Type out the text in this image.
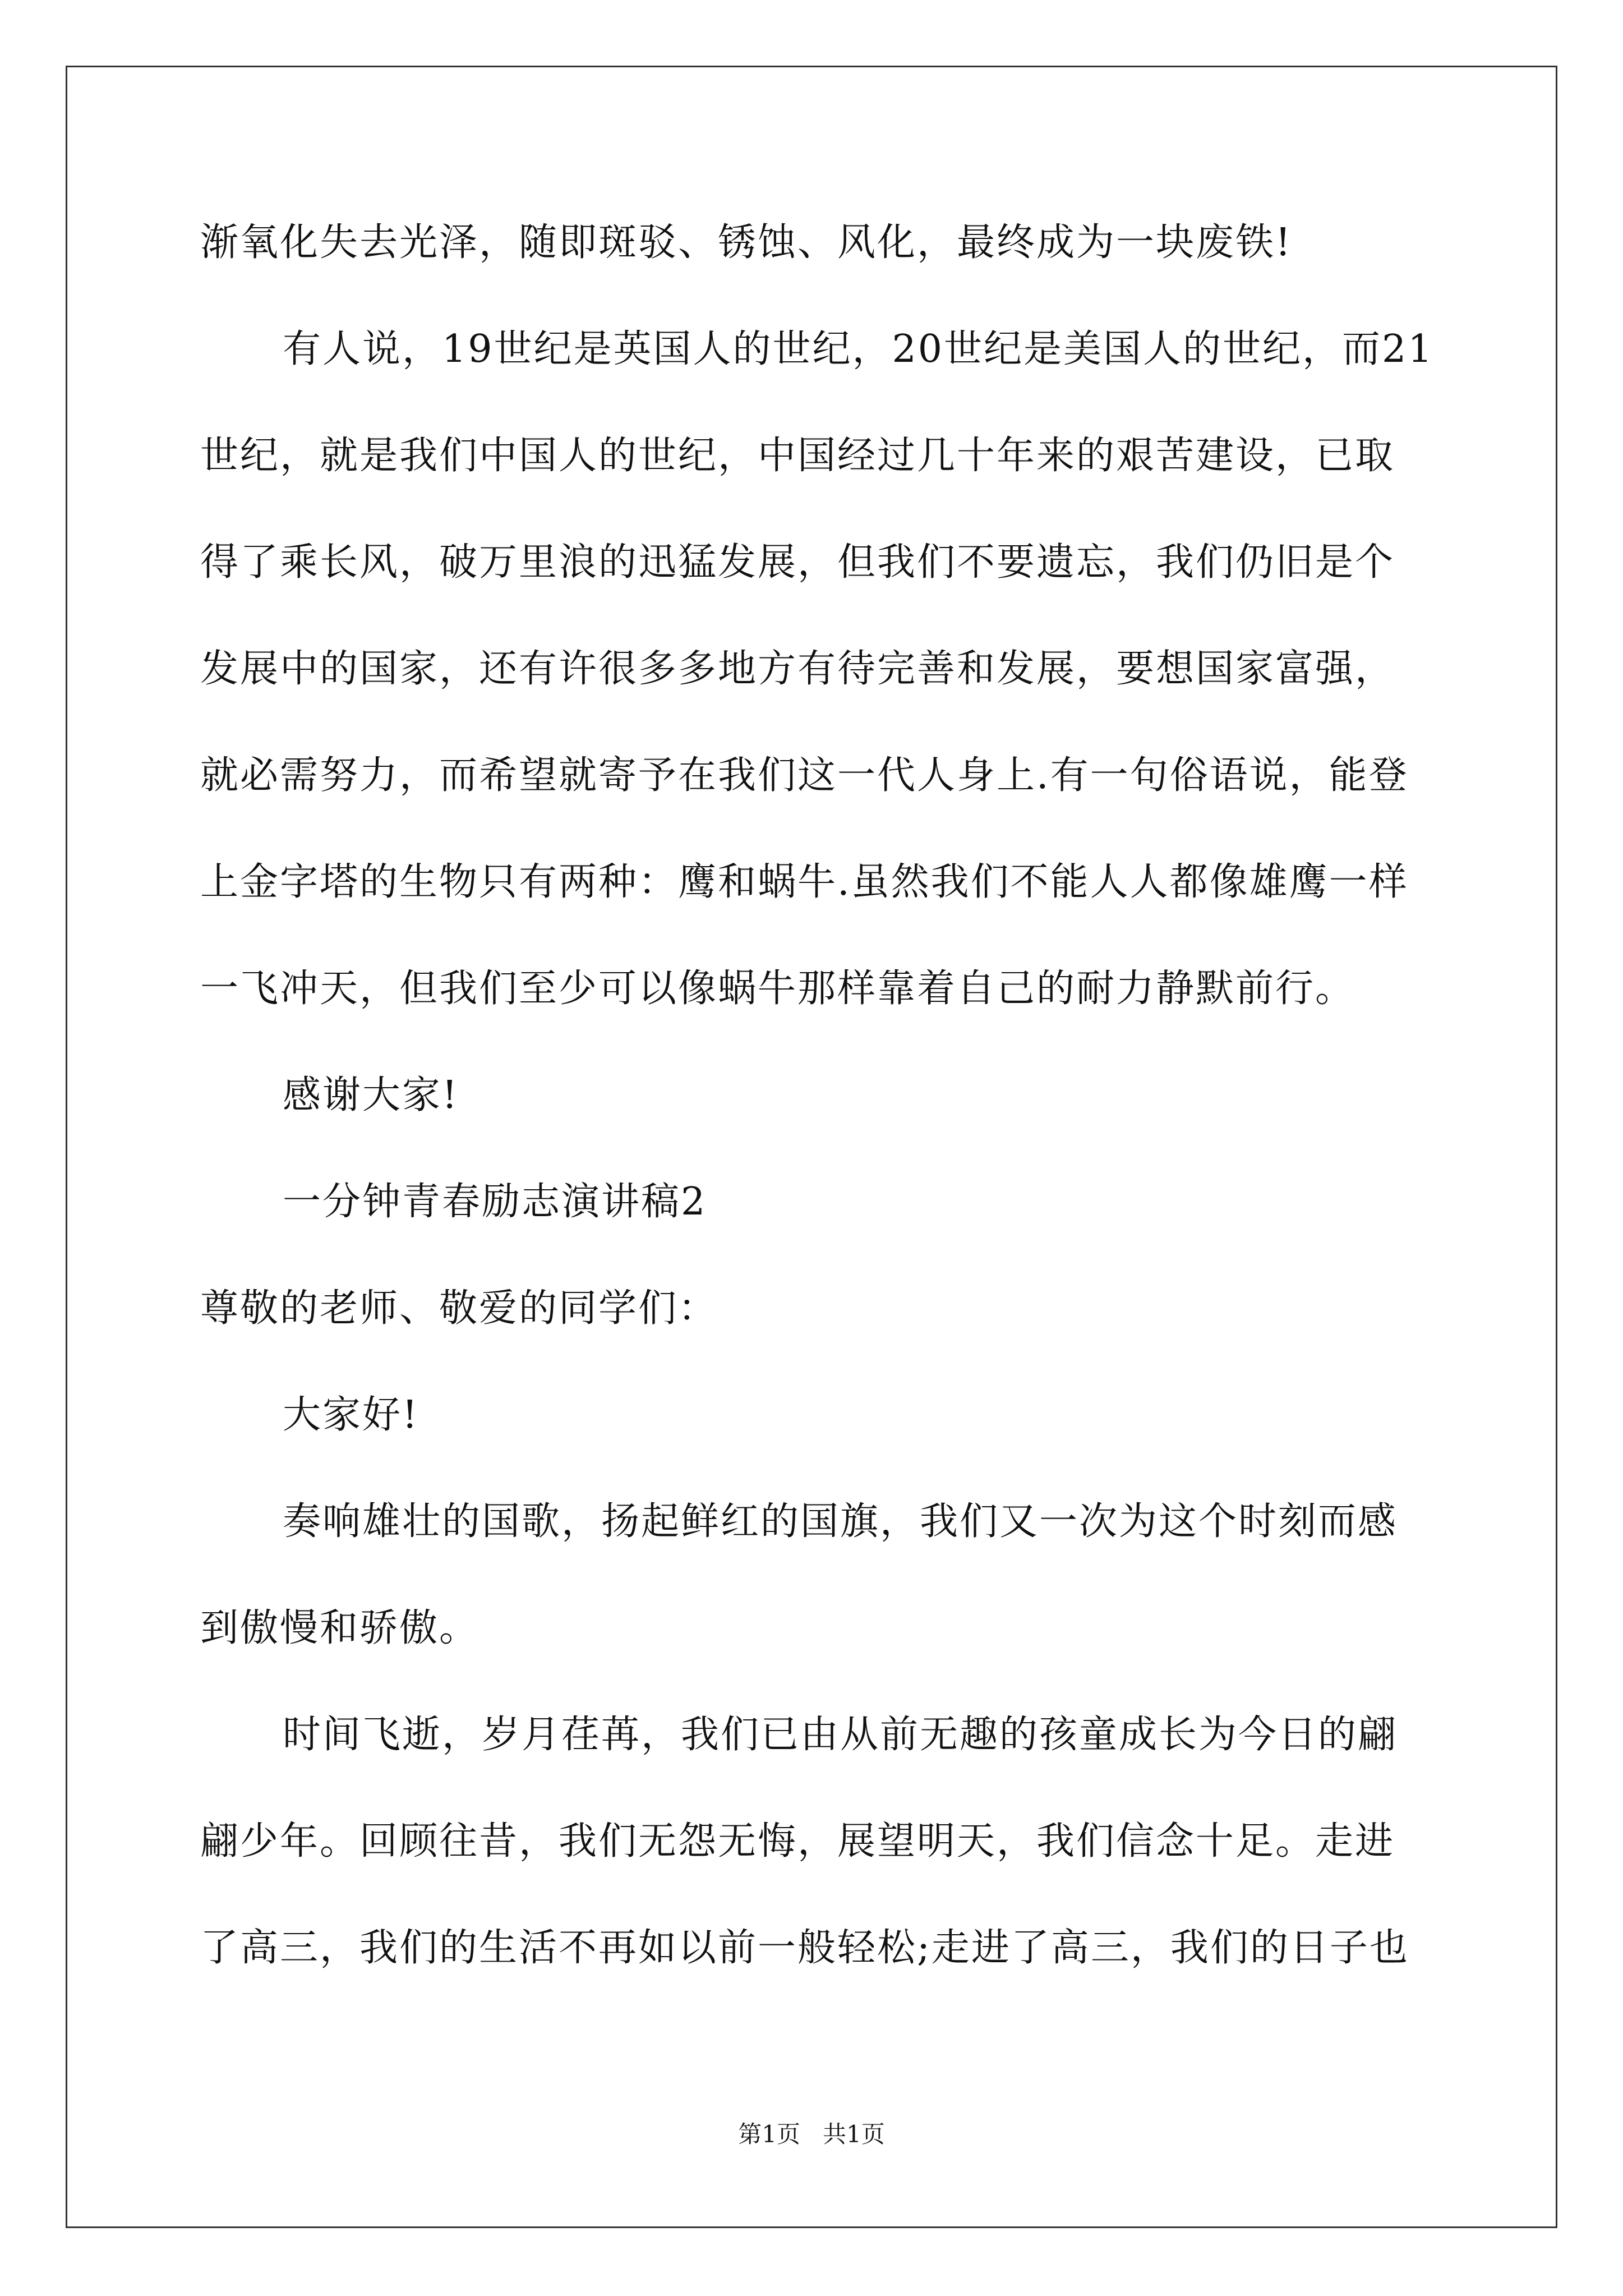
渐氧化失去光泽，随即斑驳、锈蚀、风化，最终成为一块废铁!
有人说，19世纪是英国人的世纪，20世纪是美国人的世纪，而21
世纪，就是我们中国人的世纪，中国经过几十年来的艰苦建设，已取
得了乘长风，破万里浪的迅猛发展，但我们不要遗忘，我们仍旧是个
发展中的国家，还有许很多多地方有待完善和发展，要想国家富强，
就必需努力，而希望就寄予在我们这一代人身上.有一句俗语说，能登
上金字塔的生物只有两种：鹰和蜗牛.虽然我们不能人人都像雄鹰一样
一飞冲天，但我们至少可以像蜗牛那样靠着自己的耐力静默前行。
感谢大家!
一分钟青春励志演讲稿2
尊敬的老师、敬爱的同学们：
大家好!
奏响雄壮的国歌，扬起鲜红的国旗，我们又一次为这个时刻而感
到傲慢和骄傲。
时间飞逝，岁月荏苒，我们已由从前无趣的孩童成长为今日的翩
翩少年。回顾往昔，我们无怨无悔，展望明天，我们信念十足。走进
了高三，我们的生活不再如以前一般轻松;走进了高三，我们的日子也
第1页   共1页
